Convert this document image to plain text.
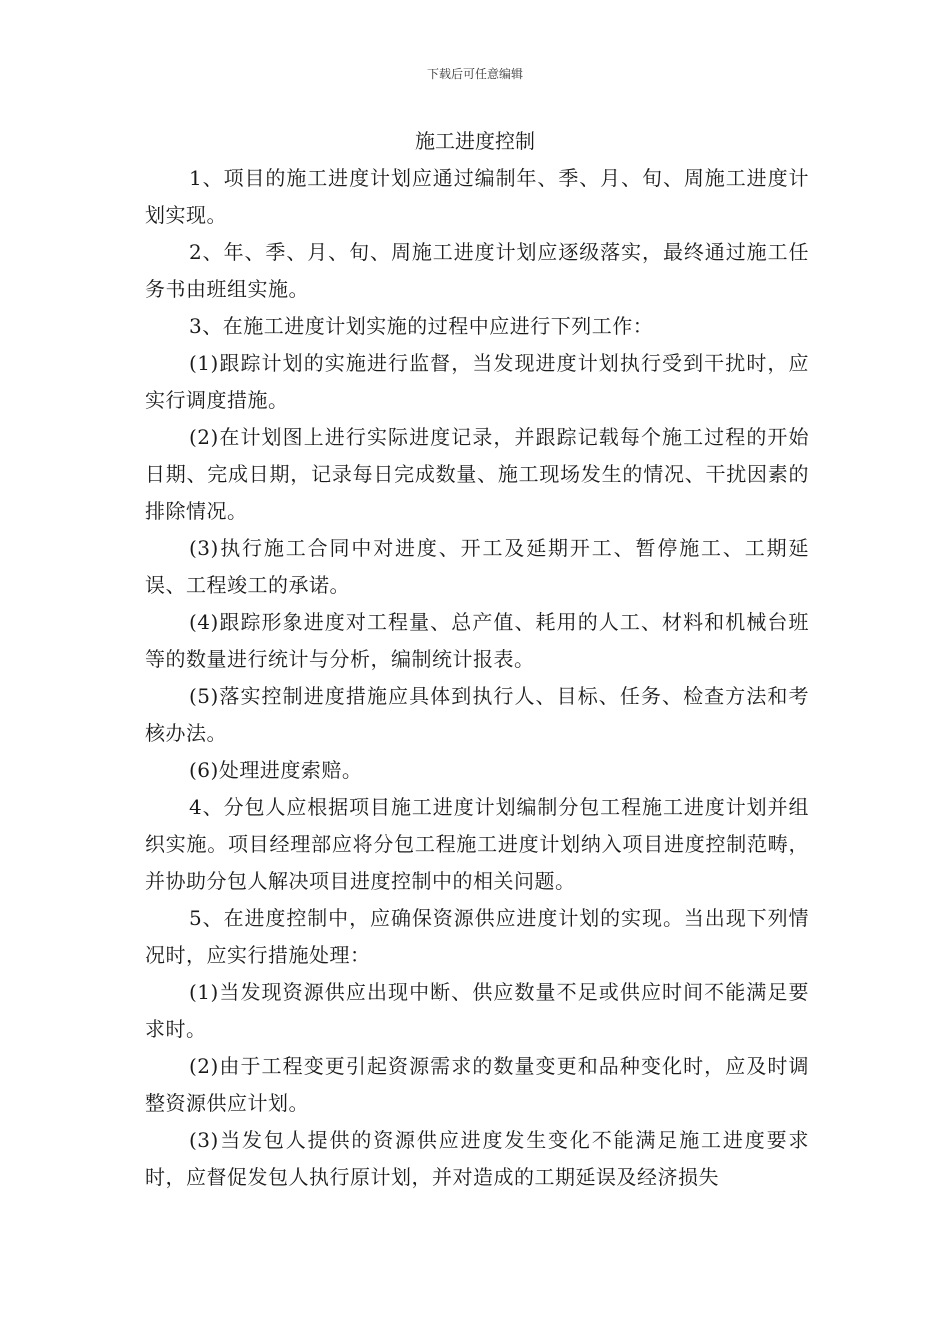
下载后可任意编辑
施工进度控制

1、项目的施工进度计划应通过编制年、季、月、旬、周施工进度计划实现。

2、年、季、月、旬、周施工进度计划应逐级落实，最终通过施工任务书由班组实施。

3、在施工进度计划实施的过程中应进行下列工作：

(1)跟踪计划的实施进行监督，当发现进度计划执行受到干扰时，应实行调度措施。

(2)在计划图上进行实际进度记录，并跟踪记载每个施工过程的开始日期、完成日期，记录每日完成数量、施工现场发生的情况、干扰因素的排除情况。

(3)执行施工合同中对进度、开工及延期开工、暂停施工、工期延误、工程竣工的承诺。

(4)跟踪形象进度对工程量、总产值、耗用的人工、材料和机械台班等的数量进行统计与分析，编制统计报表。

(5)落实控制进度措施应具体到执行人、目标、任务、检查方法和考核办法。

(6)处理进度索赔。

4、分包人应根据项目施工进度计划编制分包工程施工进度计划并组织实施。项目经理部应将分包工程施工进度计划纳入项目进度控制范畴，并协助分包人解决项目进度控制中的相关问题。

5、在进度控制中，应确保资源供应进度计划的实现。当出现下列情况时，应实行措施处理：

(1)当发现资源供应出现中断、供应数量不足或供应时间不能满足要求时。

(2)由于工程变更引起资源需求的数量变更和品种变化时，应及时调整资源供应计划。

(3)当发包人提供的资源供应进度发生变化不能满足施工进度要求时，应督促发包人执行原计划，并对造成的工期延误及经济损失
